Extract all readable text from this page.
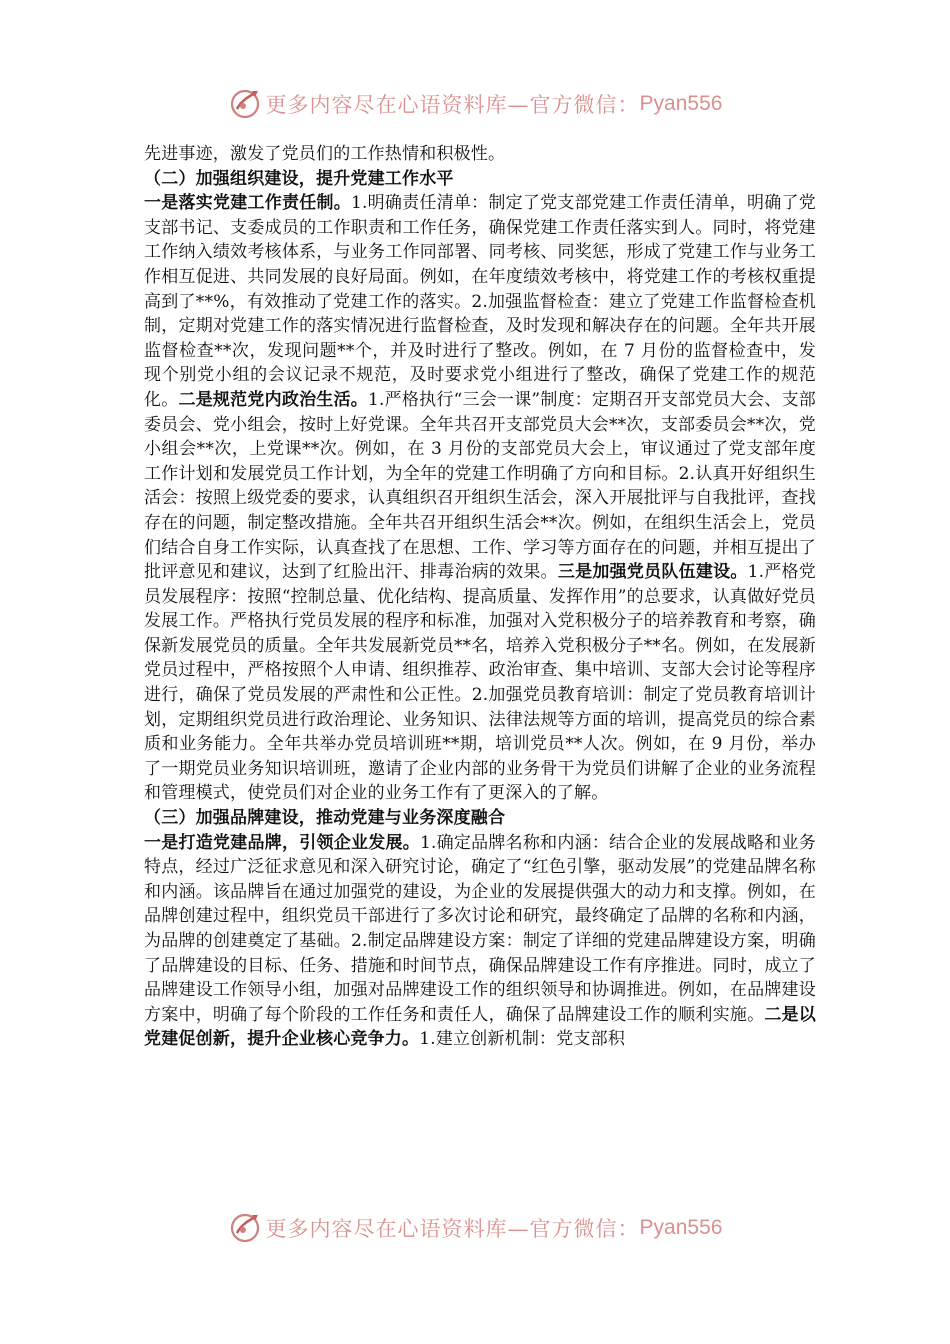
更多内容尽在心语资料库—官方微信： Pyan556

先进事迹，激发了党员们的工作热情和积极性。

（二）加强组织建设，提升党建工作水平

一是落实党建工作责任制。1.明确责任清单：制定了党支部党建工作责任清单，明确了党支部书记、支委成员的工作职责和工作任务，确保党建工作责任落实到人。同时，将党建工作纳入绩效考核体系，与业务工作同部署、同考核、同奖惩，形成了党建工作与业务工作相互促进、共同发展的良好局面。例如，在年度绩效考核中，将党建工作的考核权重提高到了**%，有效推动了党建工作的落实。2.加强监督检查：建立了党建工作监督检查机制，定期对党建工作的落实情况进行监督检查，及时发现和解决存在的问题。全年共开展监督检查**次，发现问题**个，并及时进行了整改。例如，在 7 月份的监督检查中，发现个别党小组的会议记录不规范，及时要求党小组进行了整改，确保了党建工作的规范化。二是规范党内政治生活。1.严格执行“三会一课”制度：定期召开支部党员大会、支部委员会、党小组会，按时上好党课。全年共召开支部党员大会**次，支部委员会**次，党小组会**次，上党课**次。例如，在 3 月份的支部党员大会上，审议通过了党支部年度工作计划和发展党员工作计划，为全年的党建工作明确了方向和目标。2.认真开好组织生活会：按照上级党委的要求，认真组织召开组织生活会，深入开展批评与自我批评，查找存在的问题，制定整改措施。全年共召开组织生活会**次。例如，在组织生活会上，党员们结合自身工作实际，认真查找了在思想、工作、学习等方面存在的问题，并相互提出了批评意见和建议，达到了红脸出汗、排毒治病的效果。三是加强党员队伍建设。1.严格党员发展程序：按照“控制总量、优化结构、提高质量、发挥作用”的总要求，认真做好党员发展工作。严格执行党员发展的程序和标准，加强对入党积极分子的培养教育和考察，确保新发展党员的质量。全年共发展新党员**名，培养入党积极分子**名。例如，在发展新党员过程中，严格按照个人申请、组织推荐、政治审查、集中培训、支部大会讨论等程序进行，确保了党员发展的严肃性和公正性。2.加强党员教育培训：制定了党员教育培训计划，定期组织党员进行政治理论、业务知识、法律法规等方面的培训，提高党员的综合素质和业务能力。全年共举办党员培训班**期，培训党员**人次。例如，在 9 月份，举办了一期党员业务知识培训班，邀请了企业内部的业务骨干为党员们讲解了企业的业务流程和管理模式，使党员们对企业的业务工作有了更深入的了解。

（三）加强品牌建设，推动党建与业务深度融合

一是打造党建品牌，引领企业发展。1.确定品牌名称和内涵：结合企业的发展战略和业务特点，经过广泛征求意见和深入研究讨论，确定了“红色引擎，驱动发展”的党建品牌名称和内涵。该品牌旨在通过加强党的建设，为企业的发展提供强大的动力和支撑。例如，在品牌创建过程中，组织党员干部进行了多次讨论和研究，最终确定了品牌的名称和内涵，为品牌的创建奠定了基础。2.制定品牌建设方案：制定了详细的党建品牌建设方案，明确了品牌建设的目标、任务、措施和时间节点，确保品牌建设工作有序推进。同时，成立了品牌建设工作领导小组，加强对品牌建设工作的组织领导和协调推进。例如，在品牌建设方案中，明确了每个阶段的工作任务和责任人，确保了品牌建设工作的顺利实施。二是以党建促创新，提升企业核心竞争力。1.建立创新机制：党支部积

更多内容尽在心语资料库—官方微信： Pyan556
